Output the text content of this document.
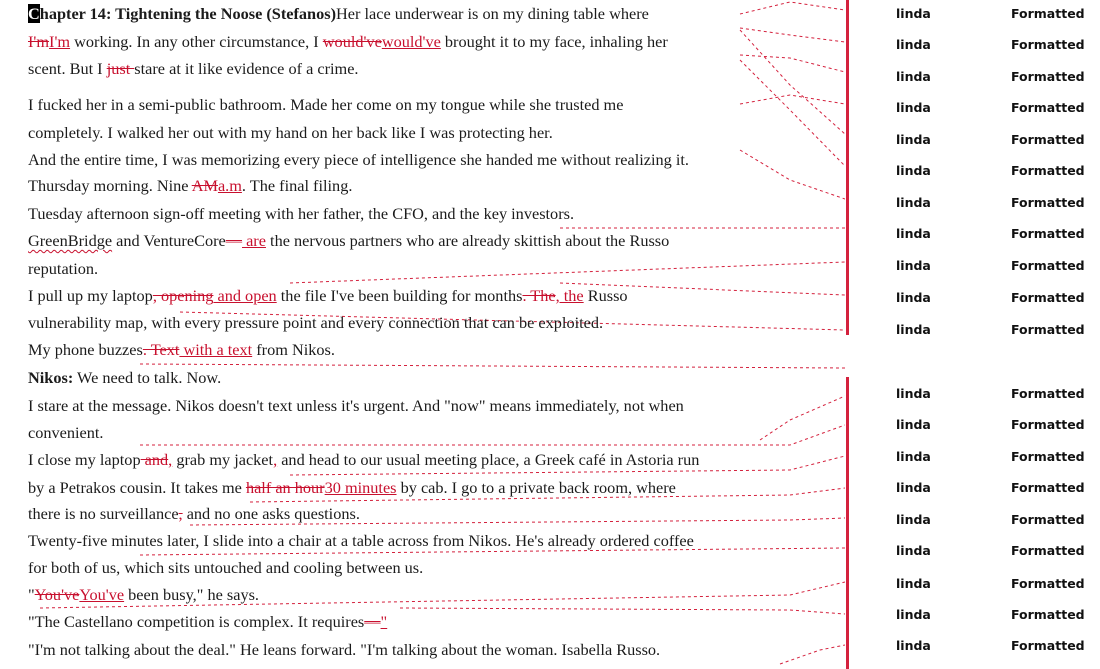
Chapter 14: Tightening the Noose (Stefanos)Her lace underwear is on my dining table where
I'mI'm working. In any other circumstance, I would'vewould've brought it to my face, inhaling her
scent. But I just stare at it like evidence of a crime.
I fucked her in a semi-public bathroom. Made her come on my tongue while she trusted me
completely. I walked her out with my hand on her back like I was protecting her.
And the entire time, I was memorizing every piece of intelligence she handed me without realizing it.
Thursday morning. Nine AMa.m. The final filing.
Tuesday afternoon sign-off meeting with her father, the CFO, and the key investors.
GreenBridge and VentureCore— are the nervous partners who are already skittish about the Russo
reputation.
I pull up my laptop, opening and open the file I've been building for months. The, the Russo
vulnerability map, with every pressure point and every connection that can be exploited.
My phone buzzes. Text with a text from Nikos.
Nikos: We need to talk. Now.
I stare at the message. Nikos doesn't text unless it's urgent. And "now" means immediately, not when
convenient.
I close my laptop and, grab my jacket, and head to our usual meeting place, a Greek café in Astoria run
by a Petrakos cousin. It takes me half an hour30 minutes by cab. I go to a private back room, where
there is no surveillance, and no one asks questions.
Twenty-five minutes later, I slide into a chair at a table across from Nikos. He's already ordered coffee
for both of us, which sits untouched and cooling between us.
"You'veYou've been busy," he says.
"The Castellano competition is complex. It requires—"
"I'm not talking about the deal." He leans forward. "I'm talking about the woman. Isabella Russo.
linda	Formatted
linda	Formatted
linda	Formatted
linda	Formatted
linda	Formatted
linda	Formatted
linda	Formatted
linda	Formatted
linda	Formatted
linda	Formatted
linda	Formatted
linda	Formatted
linda	Formatted
linda	Formatted
linda	Formatted
linda	Formatted
linda	Formatted
linda	Formatted
linda	Formatted
linda	Formatted
